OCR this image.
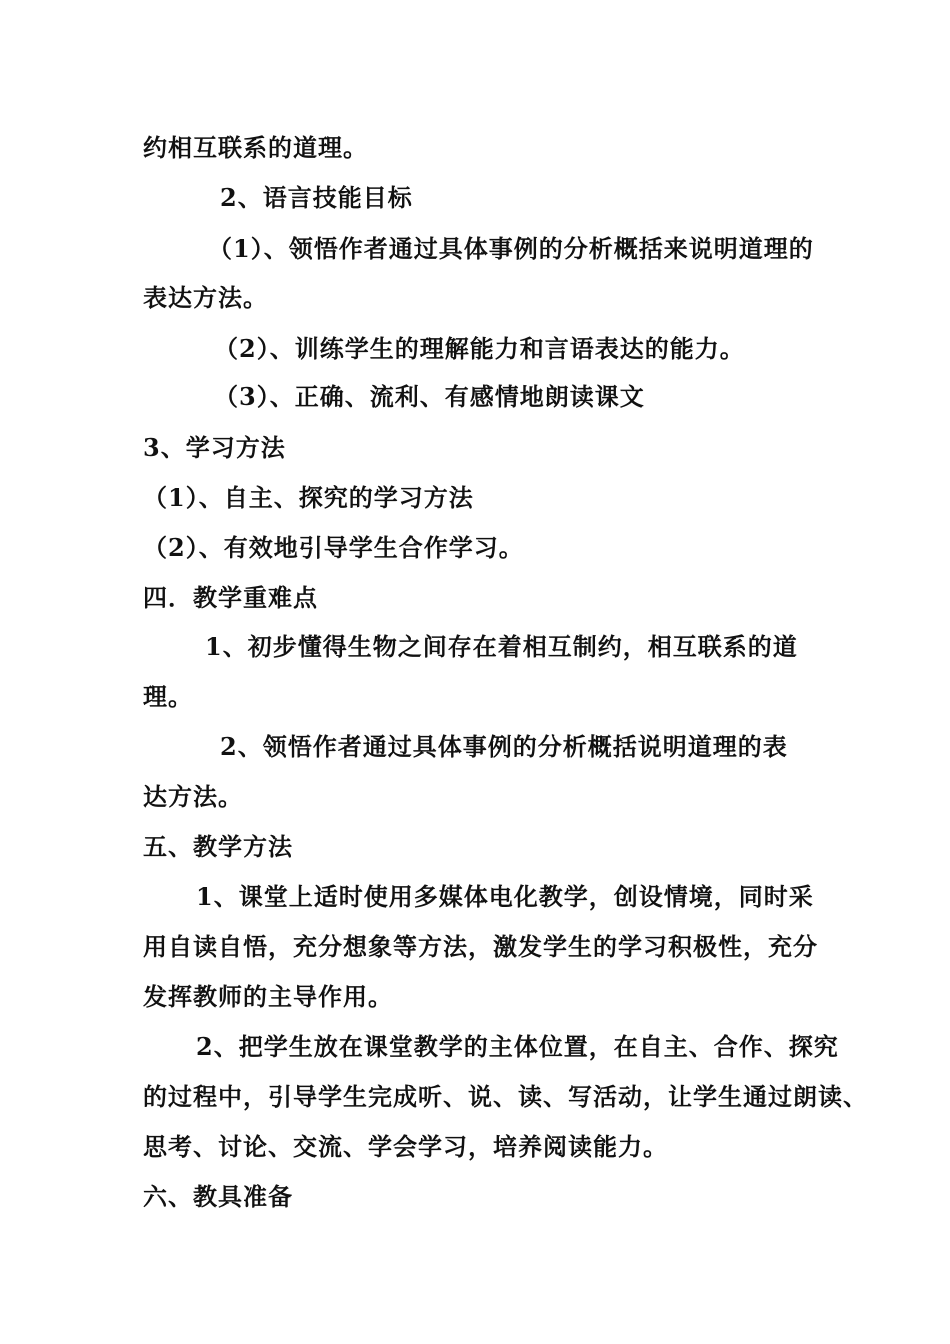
约相互联系的道理。
2、语言技能目标
（1）、领悟作者通过具体事例的分析概括来说明道理的
表达方法。
（2）、训练学生的理解能力和言语表达的能力。
（3）、正确、流利、有感情地朗读课文
3、学习方法
（1）、自主、探究的学习方法
（2）、有效地引导学生合作学习。
四．教学重难点
1、初步懂得生物之间存在着相互制约，相互联系的道
理。
2、领悟作者通过具体事例的分析概括说明道理的表
达方法。
五、教学方法
1、课堂上适时使用多媒体电化教学，创设情境，同时采
用自读自悟，充分想象等方法，激发学生的学习积极性，充分
发挥教师的主导作用。
2、把学生放在课堂教学的主体位置，在自主、合作、探究
的过程中，引导学生完成听、说、读、写活动，让学生通过朗读、
思考、讨论、交流、学会学习，培养阅读能力。
六、教具准备
